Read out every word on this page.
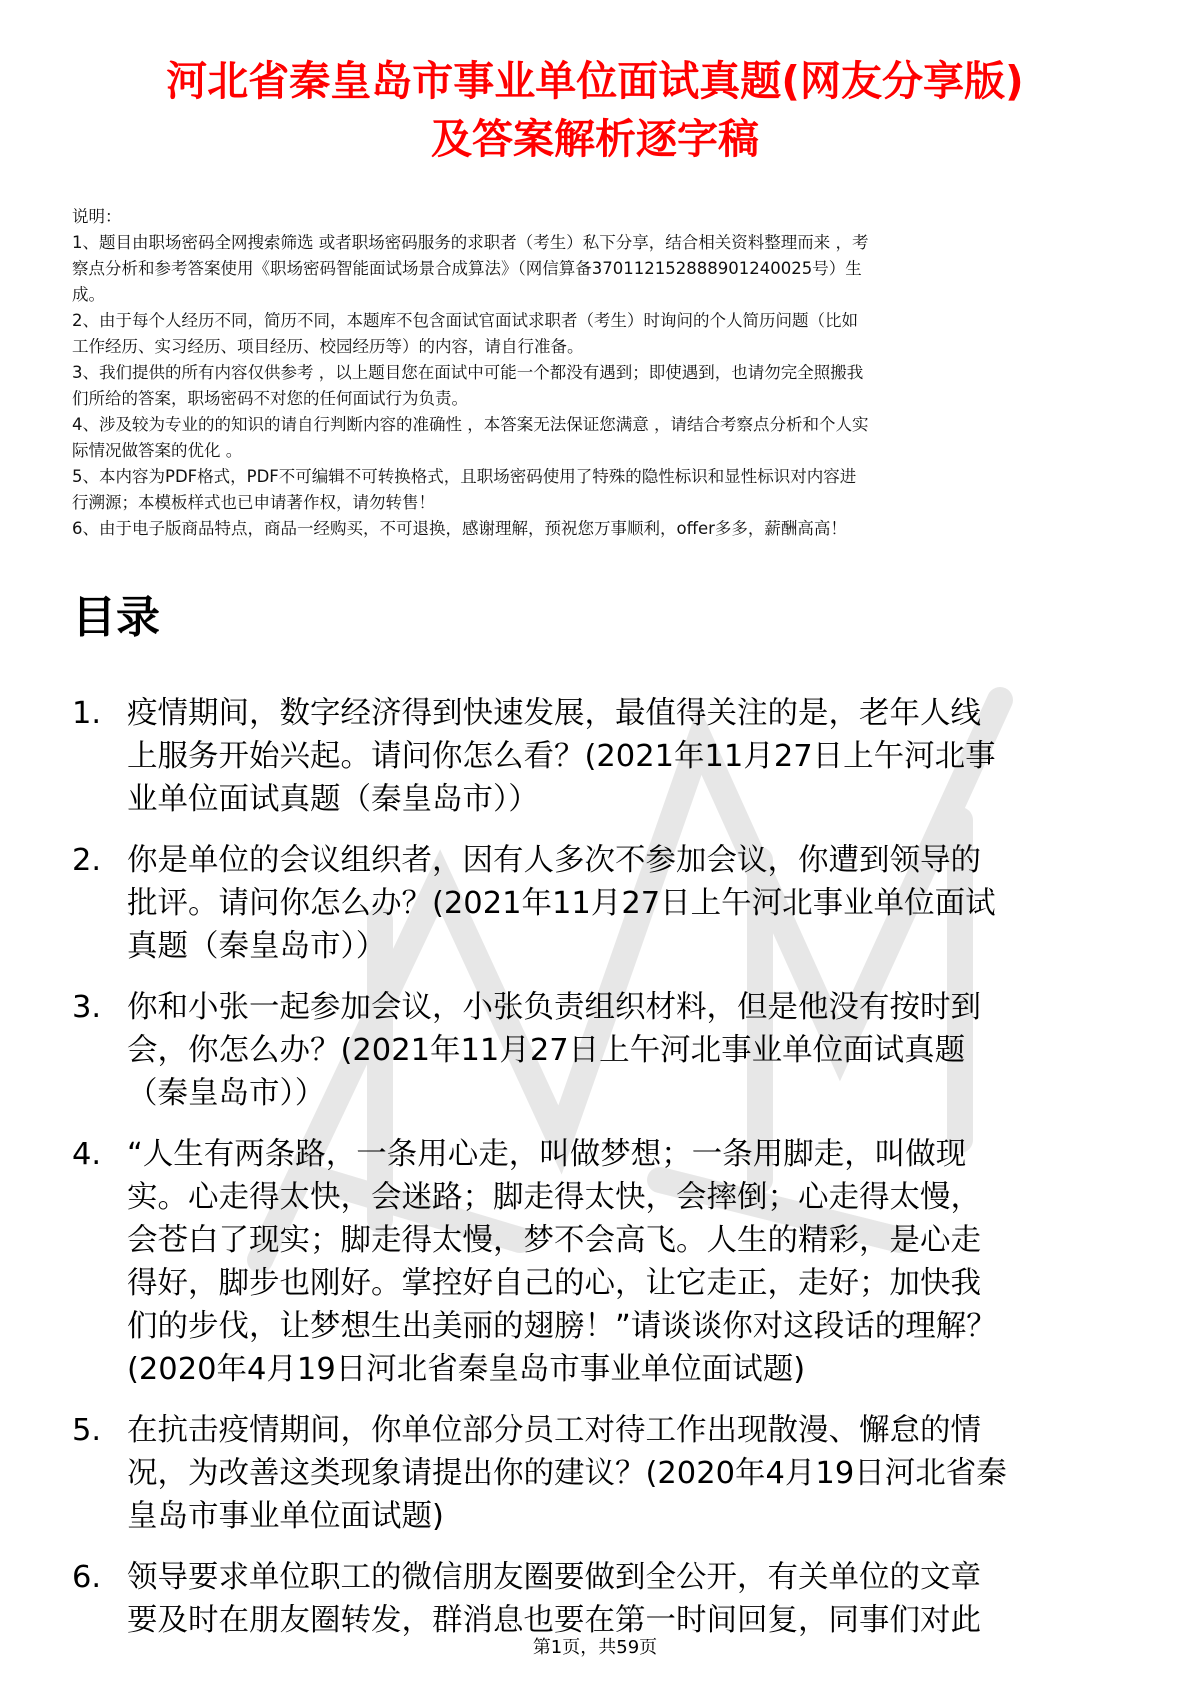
河北省秦皇岛市事业单位面试真题(网友分享版)
及答案解析逐字稿
说明：
1、题目由职场密码全网搜索筛选 或者职场密码服务的求职者（考生）私下分享，结合相关资料整理而来 ，考
察点分析和参考答案使用《职场密码智能面试场景合成算法》（网信算备370112152888901240025号）生
成。
2、由于每个人经历不同，简历不同，本题库不包含面试官面试求职者（考生）时询问的个人简历问题（比如
工作经历、实习经历、项目经历、校园经历等）的内容，请自行准备。
3、我们提供的所有内容仅供参考 ，以上题目您在面试中可能一个都没有遇到；即使遇到，也请勿完全照搬我
们所给的答案，职场密码不对您的任何面试行为负责。
4、涉及较为专业的的知识的请自行判断内容的准确性 ，本答案无法保证您满意 ，请结合考察点分析和个人实
际情况做答案的优化 。
5、本内容为PDF格式，PDF不可编辑不可转换格式，且职场密码使用了特殊的隐性标识和显性标识对内容进
行溯源；本模板样式也已申请著作权，请勿转售！
6、由于电子版商品特点，商品一经购买，不可退换，感谢理解，预祝您万事顺利，offer多多，薪酬高高！
目录
1. 疫情期间，数字经济得到快速发展，最值得关注的是，老年人线
上服务开始兴起。请问你怎么看？(2021年11月27日上午河北事
业单位面试真题（秦皇岛市））
2. 你是单位的会议组织者，因有人多次不参加会议，你遭到领导的
批评。请问你怎么办？(2021年11月27日上午河北事业单位面试
真题（秦皇岛市））
3. 你和小张一起参加会议，小张负责组织材料，但是他没有按时到
会，你怎么办？(2021年11月27日上午河北事业单位面试真题
（秦皇岛市））
4. “人生有两条路，一条用心走，叫做梦想；一条用脚走，叫做现
实。心走得太快，会迷路；脚走得太快，会摔倒；心走得太慢，
会苍白了现实；脚走得太慢，梦不会高飞。人生的精彩，是心走
得好，脚步也刚好。掌控好自己的心，让它走正，走好；加快我
们的步伐，让梦想生出美丽的翅膀！”请谈谈你对这段话的理解？
(2020年4月19日河北省秦皇岛市事业单位面试题)
5. 在抗击疫情期间，你单位部分员工对待工作出现散漫、懈怠的情
况，为改善这类现象请提出你的建议？(2020年4月19日河北省秦
皇岛市事业单位面试题)
6. 领导要求单位职工的微信朋友圈要做到全公开，有关单位的文章
要及时在朋友圈转发，群消息也要在第一时间回复，同事们对此
第1页，共59页
